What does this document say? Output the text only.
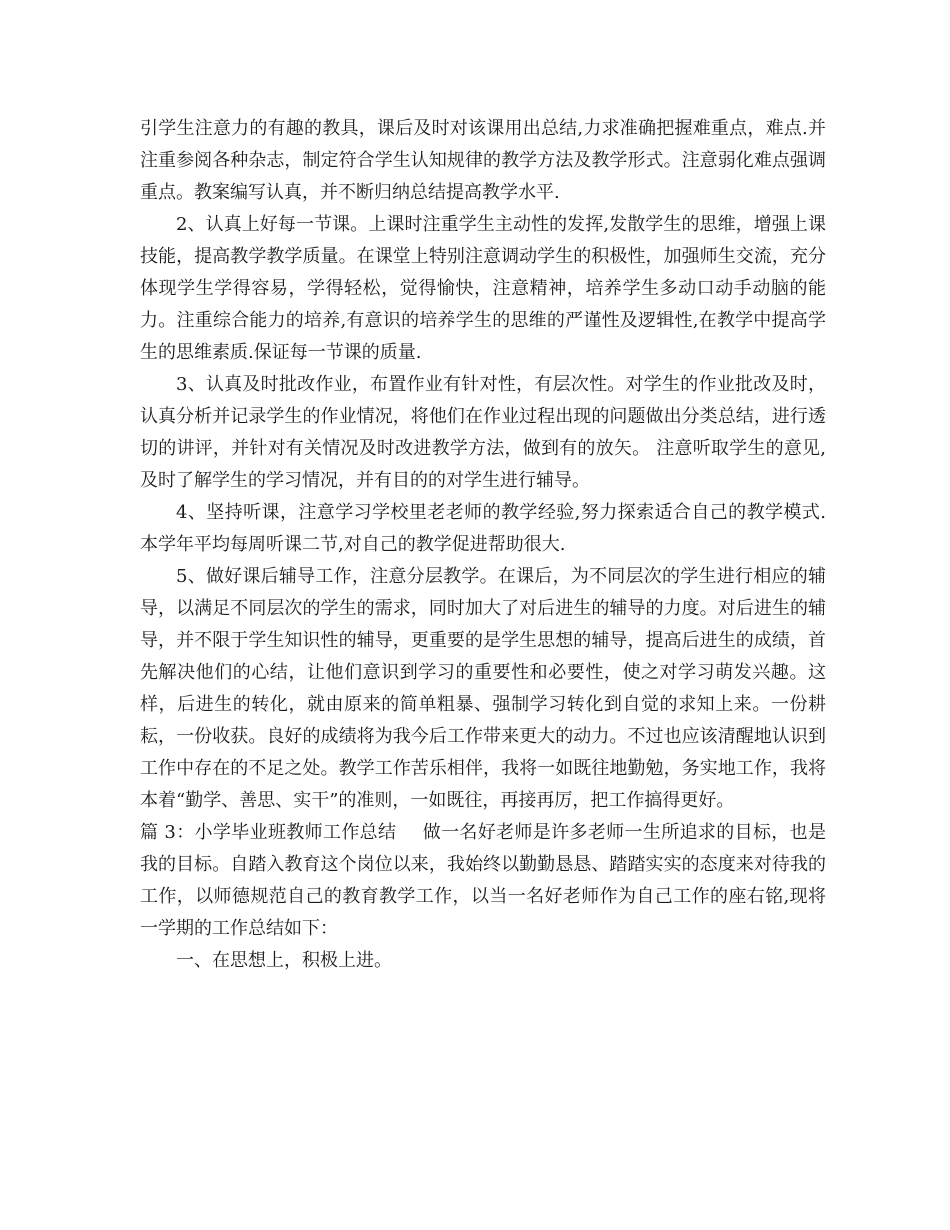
引学生注意力的有趣的教具，课后及时对该课用出总结,力求准确把握难重点，难点.并注重参阅各种杂志，制定符合学生认知规律的教学方法及教学形式。注意弱化难点强调重点。教案编写认真，并不断归纳总结提高教学水平.

2、认真上好每一节课。上课时注重学生主动性的发挥,发散学生的思维，增强上课技能，提高教学教学质量。在课堂上特别注意调动学生的积极性，加强师生交流，充分体现学生学得容易，学得轻松，觉得愉快，注意精神，培养学生多动口动手动脑的能力。注重综合能力的培养,有意识的培养学生的思维的严谨性及逻辑性,在教学中提高学生的思维素质.保证每一节课的质量.

3、认真及时批改作业，布置作业有针对性，有层次性。对学生的作业批改及时，认真分析并记录学生的作业情况，将他们在作业过程出现的问题做出分类总结，进行透切的讲评，并针对有关情况及时改进教学方法，做到有的放矢。 注意听取学生的意见,及时了解学生的学习情况，并有目的的对学生进行辅导。

4、坚持听课，注意学习学校里老老师的教学经验,努力探索适合自己的教学模式.本学年平均每周听课二节,对自己的教学促进帮助很大.

5、做好课后辅导工作，注意分层教学。在课后，为不同层次的学生进行相应的辅导，以满足不同层次的学生的需求，同时加大了对后进生的辅导的力度。对后进生的辅导，并不限于学生知识性的辅导，更重要的是学生思想的辅导，提高后进生的成绩，首先解决他们的心结，让他们意识到学习的重要性和必要性，使之对学习萌发兴趣。这样，后进生的转化，就由原来的简单粗暴、强制学习转化到自觉的求知上来。一份耕耘，一份收获。良好的成绩将为我今后工作带来更大的动力。不过也应该清醒地认识到工作中存在的不足之处。教学工作苦乐相伴，我将一如既往地勤勉，务实地工作，我将本着“勤学、善思、实干”的准则，一如既往，再接再厉，把工作搞得更好。

篇 3：小学毕业班教师工作总结 做一名好老师是许多老师一生所追求的目标，也是我的目标。自踏入教育这个岗位以来，我始终以勤勤恳恳、踏踏实实的态度来对待我的工作，以师德规范自己的教育教学工作，以当一名好老师作为自己工作的座右铭,现将一学期的工作总结如下：

一、在思想上，积极上进。
